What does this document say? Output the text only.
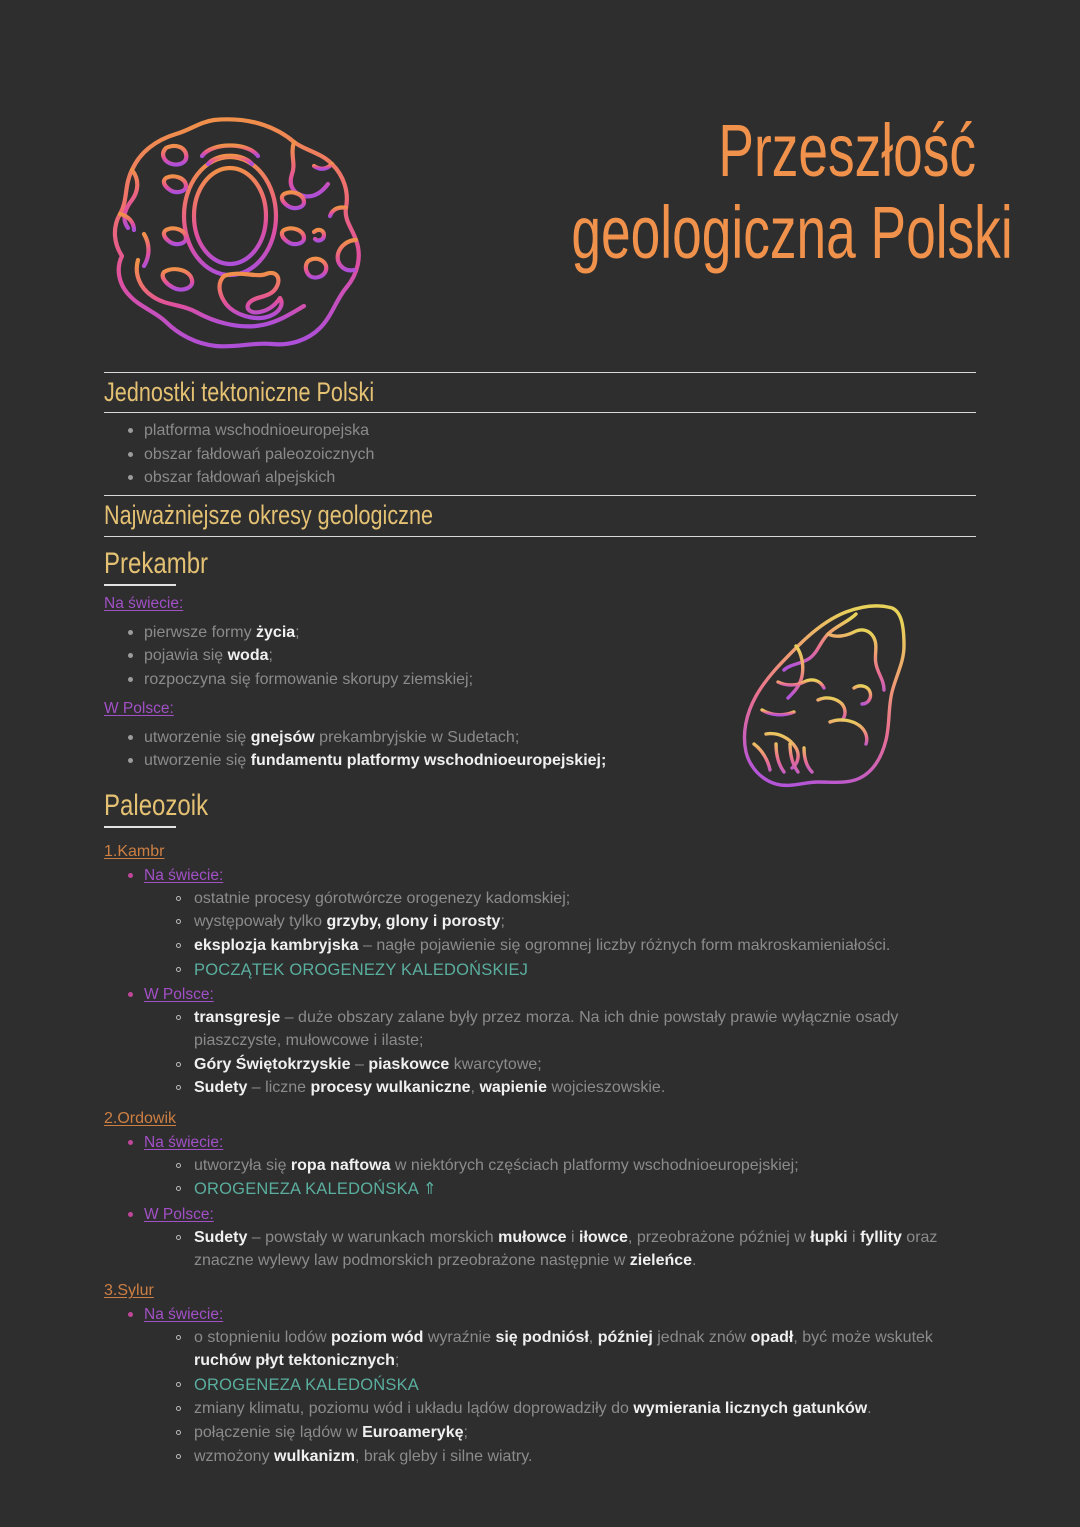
Przeszłość
geologiczna Polski
Jednostki tektoniczne Polski
platforma wschodnioeuropejska
obszar fałdowań paleozoicznych
obszar fałdowań alpejskich
Najważniejsze okresy geologiczne
Prekambr
Na świecie:
pierwsze formy życia;
pojawia się woda;
rozpoczyna się formowanie skorupy ziemskiej;
W Polsce:
utworzenie się gnejsów prekambryjskie w Sudetach;
utworzenie się fundamentu platformy wschodnioeuropejskiej;
Paleozoik
1.Kambr
Na świecie:
ostatnie procesy górotwórcze orogenezy kadomskiej;
występowały tylko grzyby, glony i porosty;
eksplozja kambryjska – nagłe pojawienie się ogromnej liczby różnych form makroskamieniałości.
POCZĄTEK OROGENEZY KALEDOŃSKIEJ
W Polsce:
transgresje – duże obszary zalane były przez morza. Na ich dnie powstały prawie wyłącznie osady piaszczyste, mułowcowe i ilaste;
Góry Świętokrzyskie – piaskowce kwarcytowe;
Sudety – liczne procesy wulkaniczne, wapienie wojcieszowskie.
2.Ordowik
Na świecie:
utworzyła się ropa naftowa w niektórych częściach platformy wschodnioeuropejskiej;
OROGENEZA KALEDOŃSKA ⇑
W Polsce:
Sudety – powstały w warunkach morskich mułowce i iłowce, przeobrażone później w łupki i fyllity oraz znaczne wylewy law podmorskich przeobrażone następnie w zieleńce.
3.Sylur
Na świecie:
o stopnieniu lodów poziom wód wyraźnie się podniósł, później jednak znów opadł, być może wskutek ruchów płyt tektonicznych;
OROGENEZA KALEDOŃSKA
zmiany klimatu, poziomu wód i układu lądów doprowadziły do wymierania licznych gatunków.
połączenie się lądów w Euroamerykę;
wzmożony wulkanizm, brak gleby i silne wiatry.
